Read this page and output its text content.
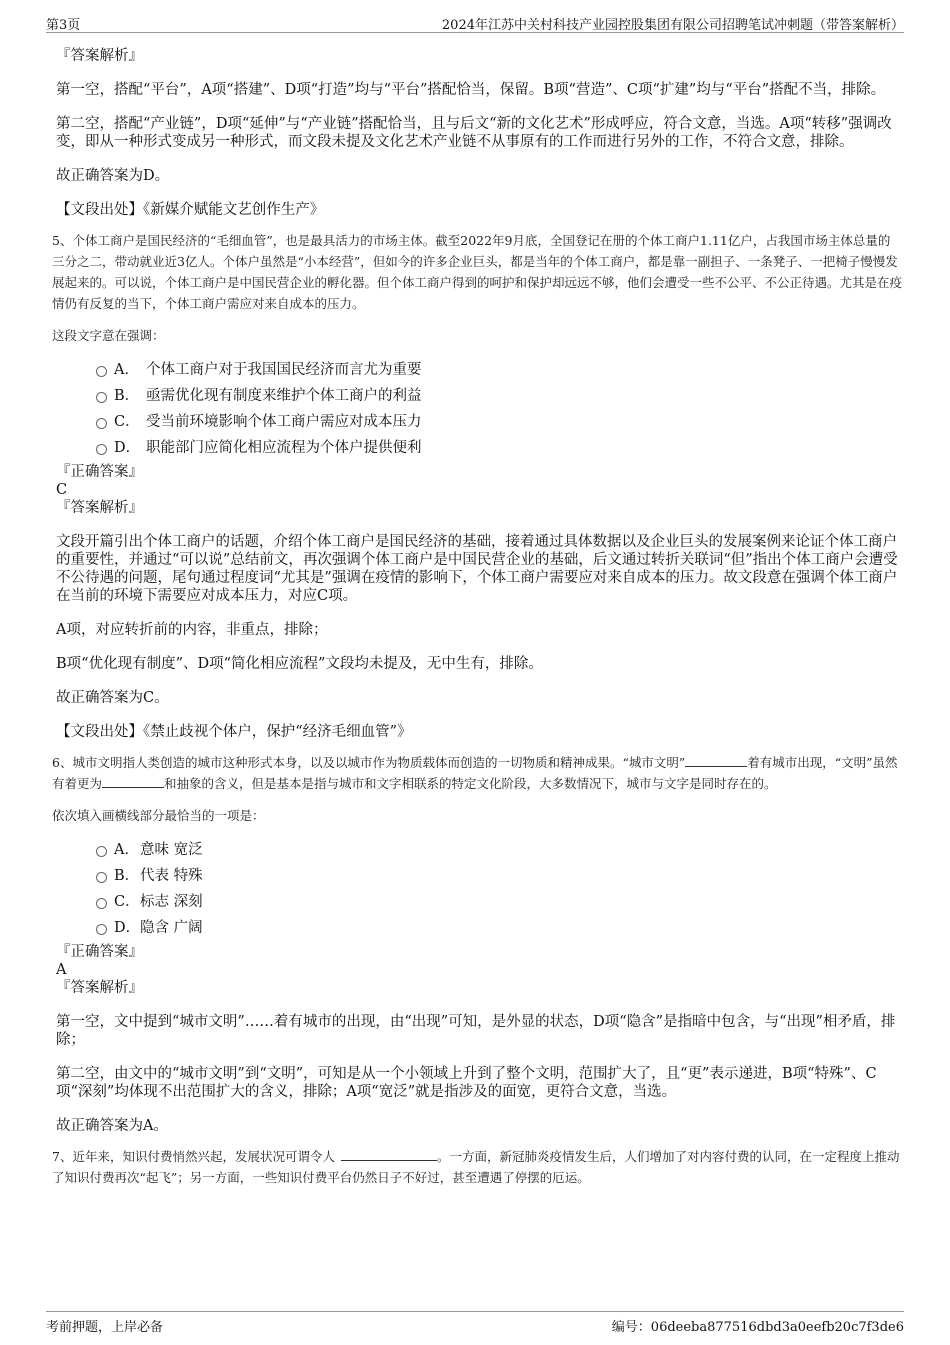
第3页	2024年江苏中关村科技产业园控股集团有限公司招聘笔试冲刺题（带答案解析）

『答案解析』

第一空，搭配“平台”，A项“搭建”、D项“打造”均与“平台”搭配恰当，保留。B项“营造”、C项“扩建”均与“平台”搭配不当，排除。

第二空，搭配“产业链”，D项“延伸”与“产业链”搭配恰当，且与后文“新的文化艺术”形成呼应，符合文意，当选。A项“转移”强调改变，即从一种形式变成另一种形式，而文段未提及文化艺术产业链不从事原有的工作而进行另外的工作，不符合文意，排除。

故正确答案为D。

【文段出处】《新媒介赋能文艺创作生产》

5、个体工商户是国民经济的“毛细血管”，也是最具活力的市场主体。截至2022年9月底，全国登记在册的个体工商户1.11亿户，占我国市场主体总量的三分之二，带动就业近3亿人。个体户虽然是“小本经营”，但如今的许多企业巨头，都是当年的个体工商户，都是靠一副担子、一条凳子、一把椅子慢慢发展起来的。可以说，个体工商户是中国民营企业的孵化器。但个体工商户得到的呵护和保护却远远不够，他们会遭受一些不公平、不公正待遇。尤其是在疫情仍有反复的当下，个体工商户需应对来自成本的压力。

这段文字意在强调：

A． 个体工商户对于我国国民经济而言尤为重要
B． 亟需优化现有制度来维护个体工商户的利益
C． 受当前环境影响个体工商户需应对成本压力
D． 职能部门应简化相应流程为个体户提供便利

『正确答案』

C

『答案解析』

文段开篇引出个体工商户的话题，介绍个体工商户是国民经济的基础，接着通过具体数据以及企业巨头的发展案例来论证个体工商户的重要性，并通过“可以说”总结前文，再次强调个体工商户是中国民营企业的基础，后文通过转折关联词“但”指出个体工商户会遭受不公待遇的问题，尾句通过程度词“尤其是”强调在疫情的影响下，个体工商户需要应对来自成本的压力。故文段意在强调个体工商户在当前的环境下需要应对成本压力，对应C项。

A项，对应转折前的内容，非重点，排除；

B项“优化现有制度”、D项“简化相应流程”文段均未提及，无中生有，排除。

故正确答案为C。

【文段出处】《禁止歧视个体户，保护“经济毛细血管”》

6、城市文明指人类创造的城市这种形式本身，以及以城市作为物质载体而创造的一切物质和精神成果。“城市文明”	着有城市出现，“文明”虽然有着更为	和抽象的含义，但是基本是指与城市和文字相联系的特定文化阶段，大多数情况下，城市与文字是同时存在的。

依次填入画横线部分最恰当的一项是：

A．意味 宽泛
B．代表 特殊
C．标志 深刻
D．隐含 广阔

『正确答案』

A

『答案解析』

第一空，文中提到“城市文明”……着有城市的出现，由“出现”可知，是外显的状态，D项“隐含”是指暗中包含，与“出现”相矛盾，排除；

第二空，由文中的“城市文明”到“文明”，可知是从一个小领域上升到了整个文明，范围扩大了，且“更”表示递进，B项“特殊”、C项“深刻”均体现不出范围扩大的含义，排除；A项“宽泛”就是指涉及的面宽，更符合文意，当选。

故正确答案为A。

7、近年来，知识付费悄然兴起，发展状况可谓令人	。一方面，新冠肺炎疫情发生后，人们增加了对内容付费的认同，在一定程度上推动了知识付费再次“起飞”；另一方面，一些知识付费平台仍然日子不好过，甚至遭遇了停摆的厄运。

考前押题，上岸必备	编号：06deeba877516dbd3a0eefb20c7f3de6
